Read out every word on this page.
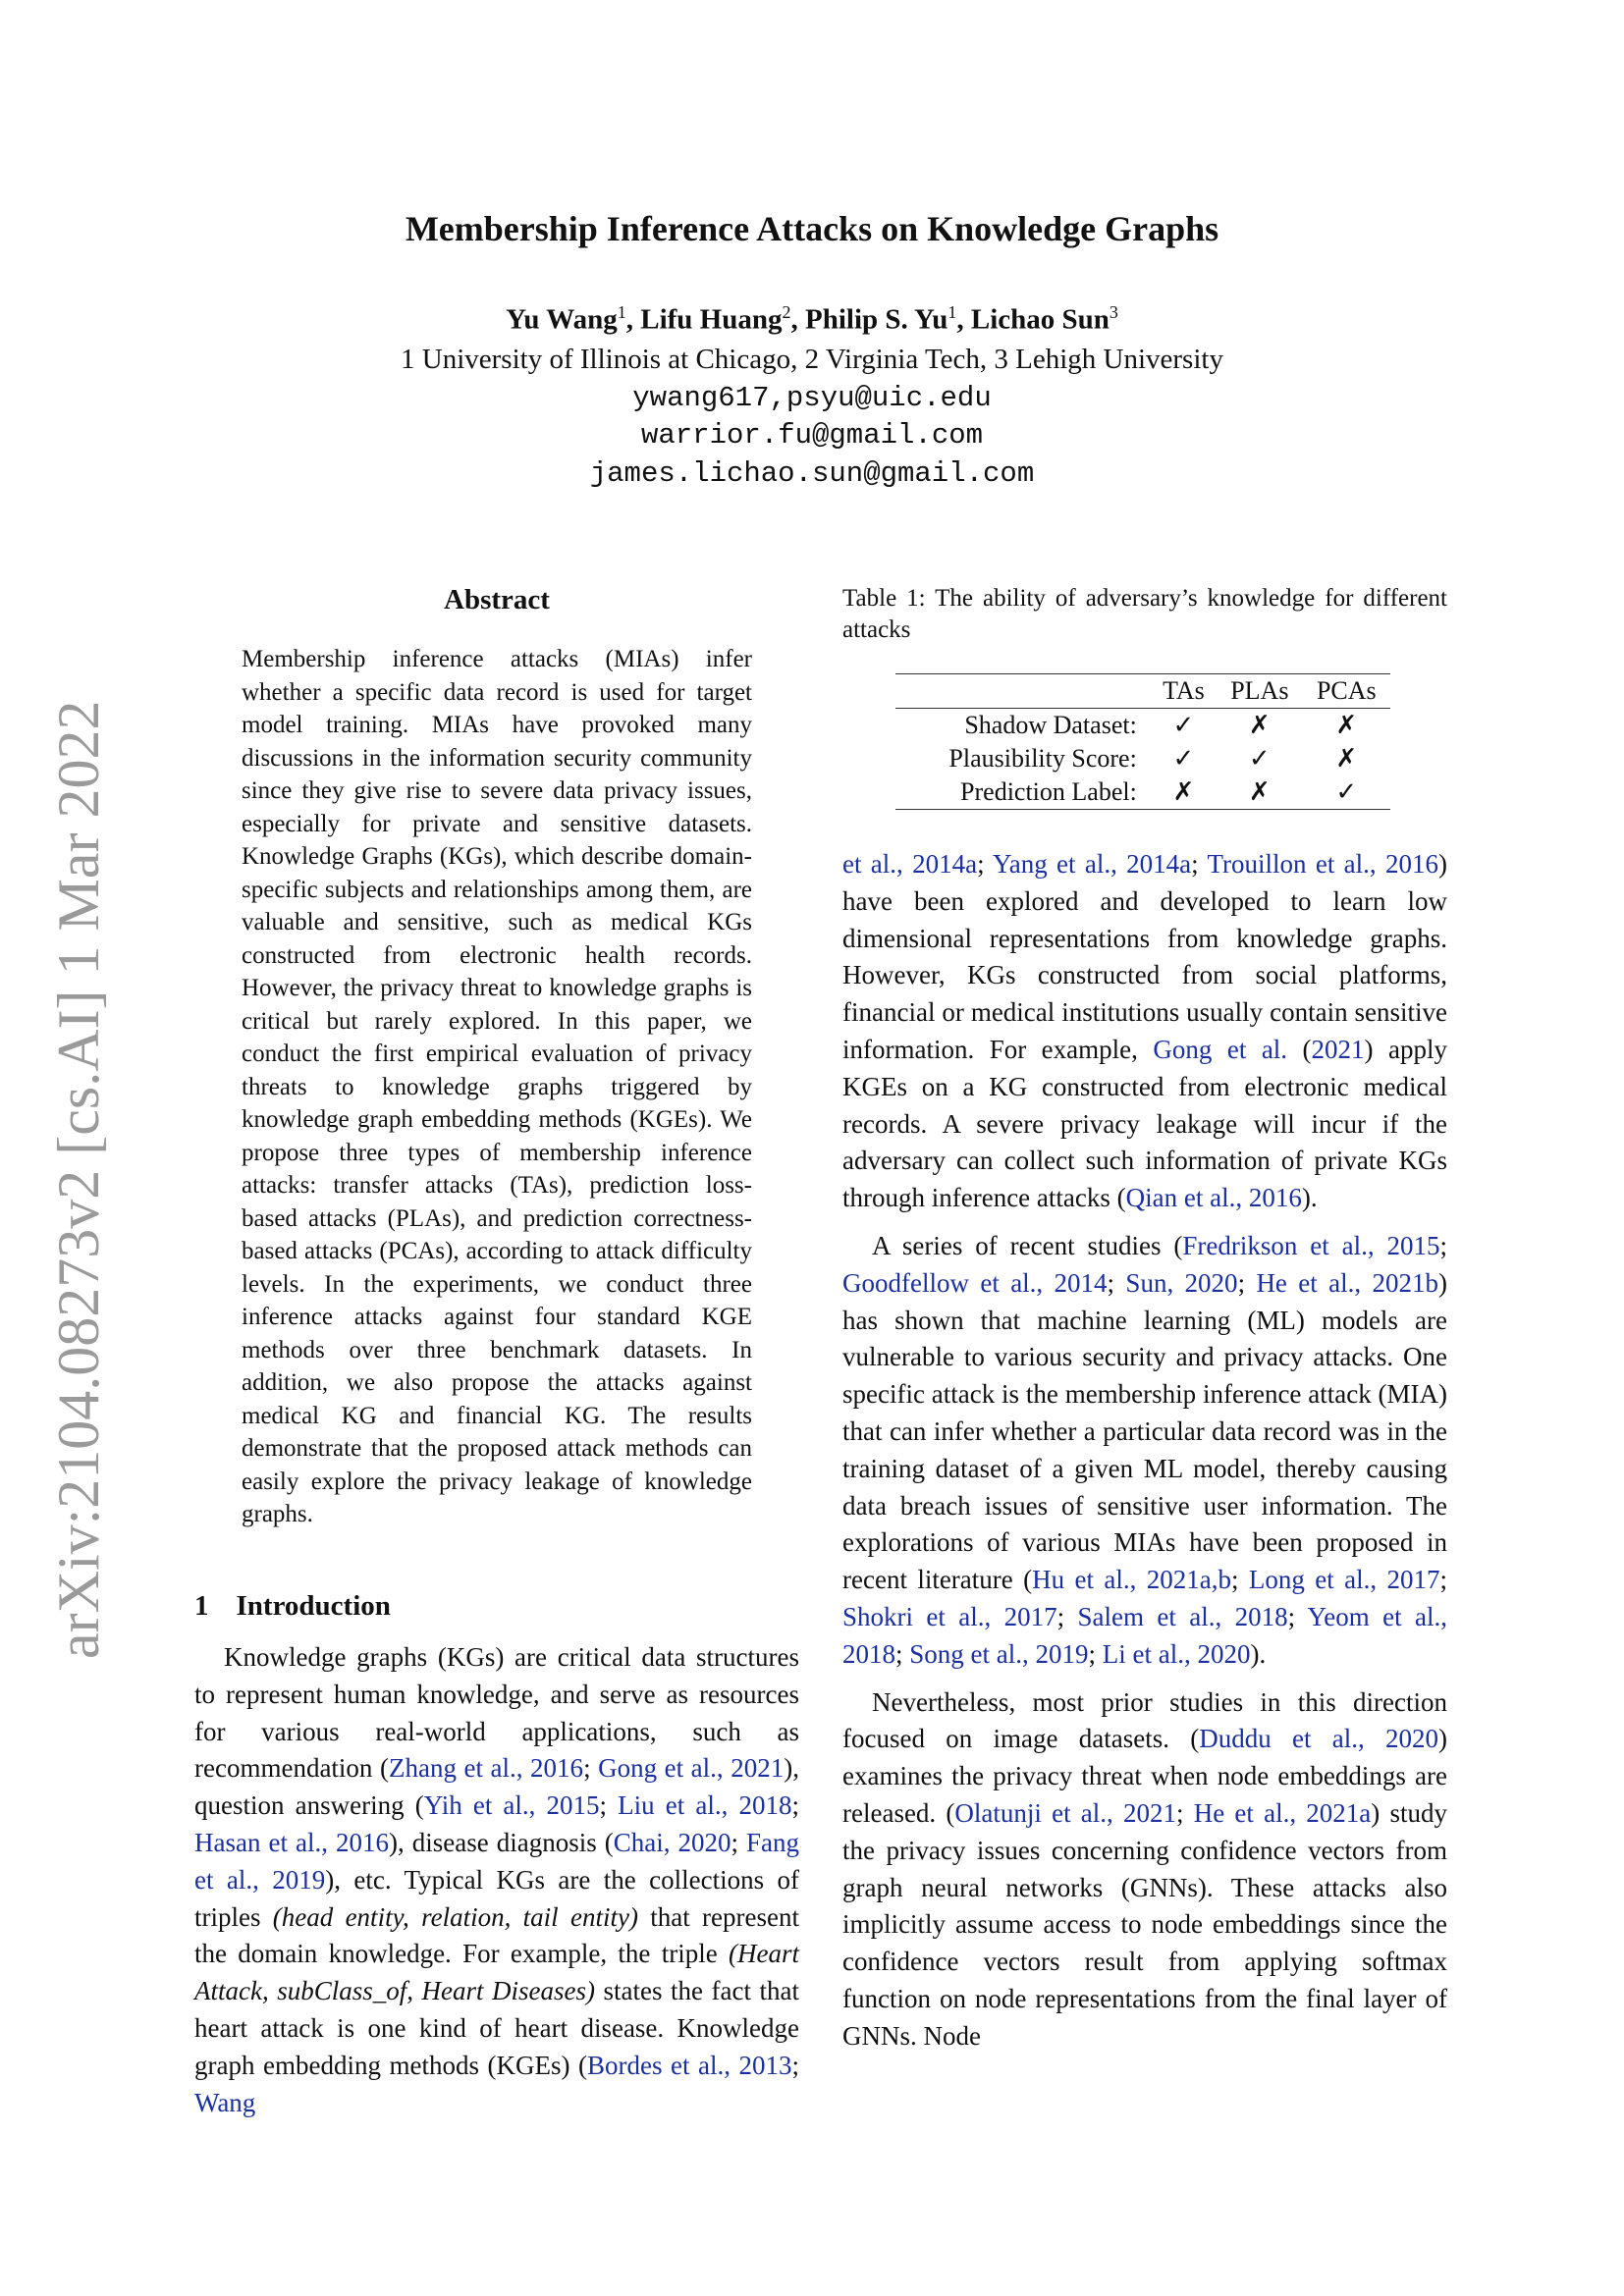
arXiv:2104.08273v2 [cs.AI] 1 Mar 2022
Membership Inference Attacks on Knowledge Graphs
Yu Wang$^1$, Lifu Huang$^2$, Philip S. Yu$^1$, Lichao Sun$^3$
1 University of Illinois at Chicago, 2 Virginia Tech, 3 Lehigh University
ywang617,psyu@uic.edu
warrior.fu@gmail.com
james.lichao.sun@gmail.com
Abstract
Membership inference attacks (MIAs) infer whether a specific data record is used for target model training. MIAs have provoked many discussions in the information security community since they give rise to severe data privacy issues, especially for private and sensitive datasets. Knowledge Graphs (KGs), which describe domain-specific subjects and relationships among them, are valuable and sensitive, such as medical KGs constructed from electronic health records. However, the privacy threat to knowledge graphs is critical but rarely explored. In this paper, we conduct the first empirical evaluation of privacy threats to knowledge graphs triggered by knowledge graph embedding methods (KGEs). We propose three types of membership inference attacks: transfer attacks (TAs), prediction loss-based attacks (PLAs), and prediction correctness-based attacks (PCAs), according to attack difficulty levels. In the experiments, we conduct three inference attacks against four standard KGE methods over three benchmark datasets. In addition, we also propose the attacks against medical KG and financial KG. The results demonstrate that the proposed attack methods can easily explore the privacy leakage of knowledge graphs.
1 Introduction

Knowledge graphs (KGs) are critical data structures to represent human knowledge, and serve as resources for various real-world applications, such as recommendation (Zhang et al., 2016; Gong et al., 2021), question answering (Yih et al., 2015; Liu et al., 2018; Hasan et al., 2016), disease diagnosis (Chai, 2020; Fang et al., 2019), etc. Typical KGs are the collections of triples (head entity, relation, tail entity) that represent the domain knowledge. For example, the triple (Heart Attack, subClass_of, Heart Diseases) states the fact that heart attack is one kind of heart disease. Knowledge graph embedding methods (KGEs) (Bordes et al., 2013; Wang

Table 1: The ability of adversary’s knowledge for different attacks
	TAs	PLAs	PCAs
Shadow Dataset:	✓	✗	✗
Plausibility Score:	✓	✓	✗
Prediction Label:	✗	✗	✓

et al., 2014a; Yang et al., 2014a; Trouillon et al., 2016) have been explored and developed to learn low dimensional representations from knowledge graphs. However, KGs constructed from social platforms, financial or medical institutions usually contain sensitive information. For example, Gong et al. (2021) apply KGEs on a KG constructed from electronic medical records. A severe privacy leakage will incur if the adversary can collect such information of private KGs through inference attacks (Qian et al., 2016).

A series of recent studies (Fredrikson et al., 2015; Goodfellow et al., 2014; Sun, 2020; He et al., 2021b) has shown that machine learning (ML) models are vulnerable to various security and privacy attacks. One specific attack is the membership inference attack (MIA) that can infer whether a particular data record was in the training dataset of a given ML model, thereby causing data breach issues of sensitive user information. The explorations of various MIAs have been proposed in recent literature (Hu et al., 2021a,b; Long et al., 2017; Shokri et al., 2017; Salem et al., 2018; Yeom et al., 2018; Song et al., 2019; Li et al., 2020).

Nevertheless, most prior studies in this direction focused on image datasets. (Duddu et al., 2020) examines the privacy threat when node embeddings are released. (Olatunji et al., 2021; He et al., 2021a) study the privacy issues concerning confidence vectors from graph neural networks (GNNs). These attacks also implicitly assume access to node embeddings since the confidence vectors result from applying softmax function on node representations from the final layer of GNNs. Node
